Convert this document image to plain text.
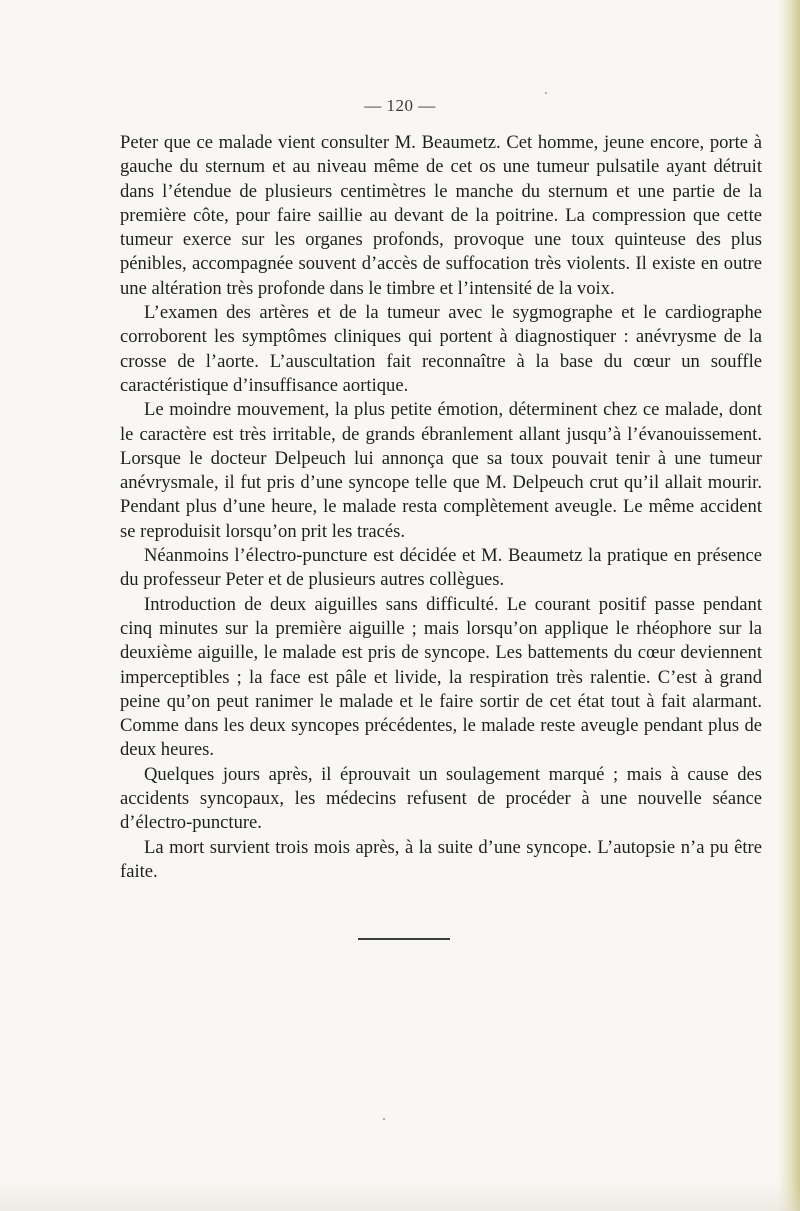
— 120 —

Peter que ce malade vient consulter M. Beaumetz. Cet homme, jeune encore, porte à gauche du sternum et au niveau même de cet os une tumeur pulsatile ayant détruit dans l’étendue de plusieurs centimètres le manche du sternum et une partie de la première côte, pour faire saillie au devant de la poitrine. La compression que cette tumeur exerce sur les organes profonds, provoque une toux quinteuse des plus pénibles, accompagnée souvent d’accès de suffocation très violents. Il existe en outre une altération très profonde dans le timbre et l’intensité de la voix.

L’examen des artères et de la tumeur avec le sygmographe et le cardiographe corroborent les symptômes cliniques qui portent à diagnostiquer : anévrysme de la crosse de l’aorte. L’auscultation fait reconnaître à la base du cœur un souffle caractéristique d’insuffisance aortique.

Le moindre mouvement, la plus petite émotion, déterminent chez ce malade, dont le caractère est très irritable, de grands ébranlement allant jusqu’à l’évanouissement. Lorsque le docteur Delpeuch lui annonça que sa toux pouvait tenir à une tumeur anévrysmale, il fut pris d’une syncope telle que M. Delpeuch crut qu’il allait mourir. Pendant plus d’une heure, le malade resta complètement aveugle. Le même accident se reproduisit lorsqu’on prit les tracés.

Néanmoins l’électro-puncture est décidée et M. Beaumetz la pratique en présence du professeur Peter et de plusieurs autres collègues.

Introduction de deux aiguilles sans difficulté. Le courant positif passe pendant cinq minutes sur la première aiguille ; mais lorsqu’on applique le rhéophore sur la deuxième aiguille, le malade est pris de syncope. Les battements du cœur deviennent imperceptibles ; la face est pâle et livide, la respiration très ralentie. C’est à grand peine qu’on peut ranimer le malade et le faire sortir de cet état tout à fait alarmant. Comme dans les deux syncopes précédentes, le malade reste aveugle pendant plus de deux heures.

Quelques jours après, il éprouvait un soulagement marqué ; mais à cause des accidents syncopaux, les médecins refusent de procéder à une nouvelle séance d’électro-puncture.

La mort survient trois mois après, à la suite d’une syncope. L’autopsie n’a pu être faite.
